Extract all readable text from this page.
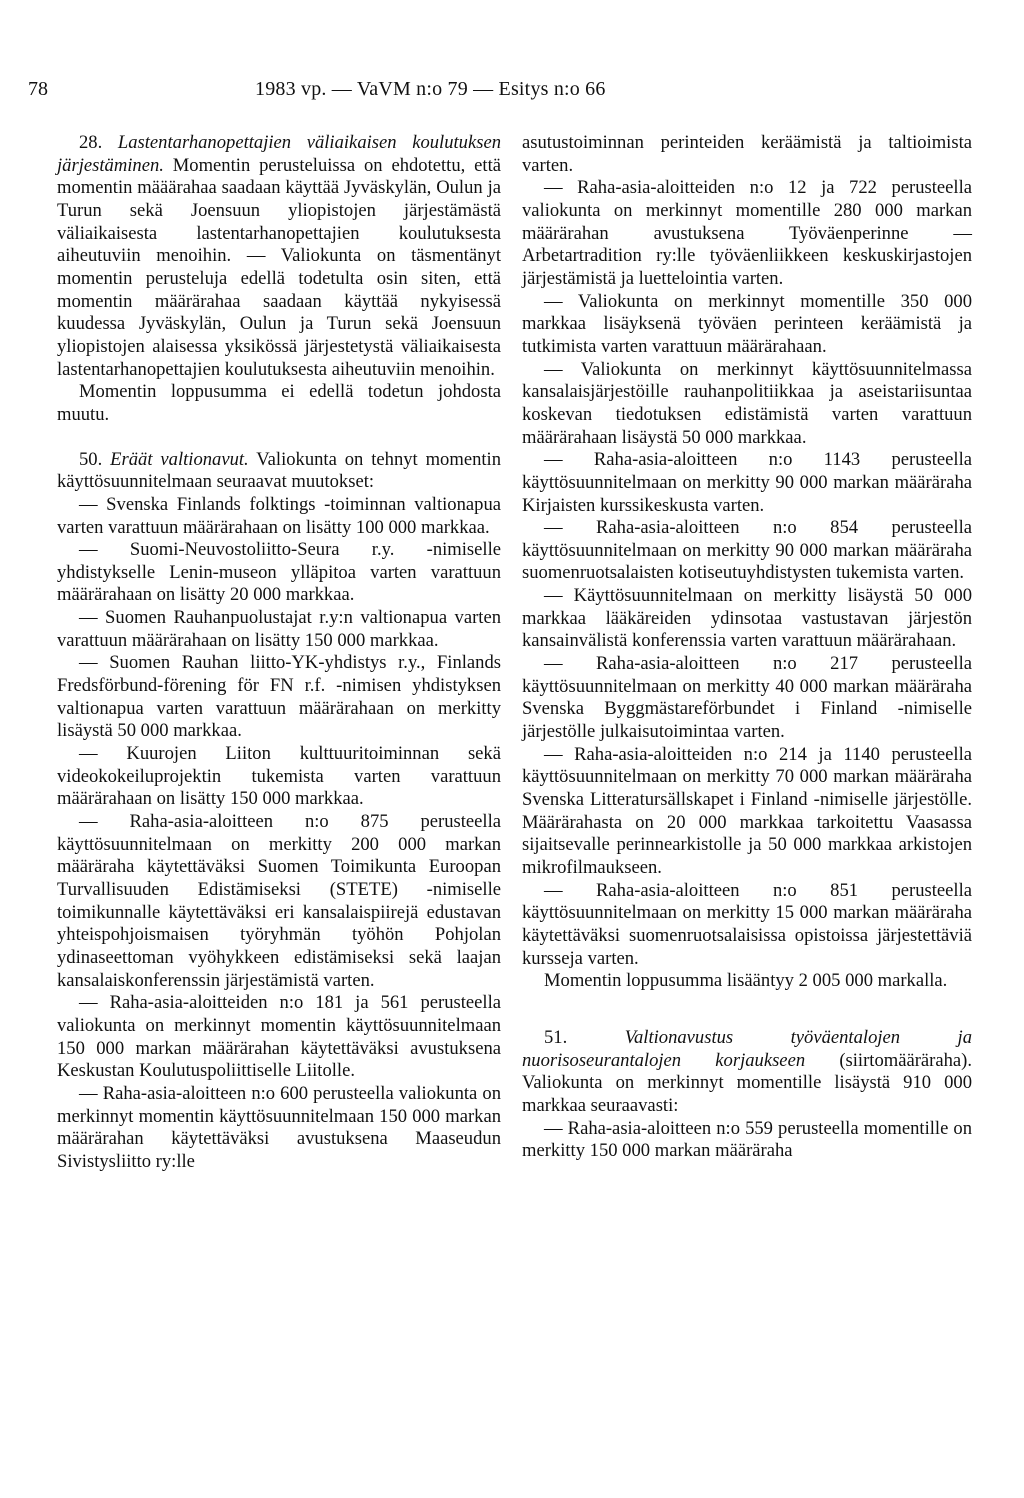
78	1983 vp. — VaVM n:o 79 — Esitys n:o 66

28. Lastentarhanopettajien väliaikaisen koulutuksen järjestäminen. Momentin perusteluissa on ehdotettu, että momentin määärahaa saadaan käyttää Jyväskylän, Oulun ja Turun sekä Joensuun yliopistojen järjestämästä väliaikaisesta lastentarhanopettajien koulutuksesta aiheutuviin menoihin. — Valiokunta on täsmentänyt momentin perusteluja edellä todetulta osin siten, että momentin määrärahaa saadaan käyttää nykyisessä kuudessa Jyväskylän, Oulun ja Turun sekä Joensuun yliopistojen alaisessa yksikössä järjestetystä väliaikaisesta lastentarhanopettajien koulutuksesta aiheutuviin menoihin.

Momentin loppusumma ei edellä todetun johdosta muutu.

50. Eräät valtionavut. Valiokunta on tehnyt momentin käyttösuunnitelmaan seuraavat muutokset:

— Svenska Finlands folktings -toiminnan valtionapua varten varattuun määrärahaan on lisätty 100 000 markkaa.

— Suomi-Neuvostoliitto-Seura r.y. -nimiselle yhdistykselle Lenin-museon ylläpitoa varten varattuun määrärahaan on lisätty 20 000 markkaa.

— Suomen Rauhanpuolustajat r.y:n valtionapua varten varattuun määrärahaan on lisätty 150 000 markkaa.

— Suomen Rauhan liitto-YK-yhdistys r.y., Finlands Fredsförbund-förening för FN r.f. -nimisen yhdistyksen valtionapua varten varattuun määrärahaan on merkitty lisäystä 50 000 markkaa.

— Kuurojen Liiton kulttuuritoiminnan sekä videokokeiluprojektin tukemista varten varattuun määrärahaan on lisätty 150 000 markkaa.

— Raha-asia-aloitteen n:o 875 perusteella käyttösuunnitelmaan on merkitty 200 000 markan määräraha käytettäväksi Suomen Toimikunta Euroopan Turvallisuuden Edistämiseksi (STETE) -nimiselle toimikunnalle käytettäväksi eri kansalaispiirejä edustavan yhteispohjoismaisen työryhmän työhön Pohjolan ydinaseettoman vyöhykkeen edistämiseksi sekä laajan kansalaiskonferenssin järjestämistä varten.

— Raha-asia-aloitteiden n:o 181 ja 561 perusteella valiokunta on merkinnyt momentin käyttösuunnitelmaan 150 000 markan määrärahan käytettäväksi avustuksena Keskustan Koulutuspoliittiselle Liitolle.

— Raha-asia-aloitteen n:o 600 perusteella valiokunta on merkinnyt momentin käyttösuunnitelmaan 150 000 markan määrärahan käytettäväksi avustuksena Maaseudun Sivistysliitto ry:lle

asutustoiminnan perinteiden keräämistä ja taltioimista varten.

— Raha-asia-aloitteiden n:o 12 ja 722 perusteella valiokunta on merkinnyt momentille 280 000 markan määrärahan avustuksena Työväenperinne — Arbetartradition ry:lle työväenliikkeen keskuskirjastojen järjestämistä ja luettelointia varten.

— Valiokunta on merkinnyt momentille 350 000 markkaa lisäyksenä työväen perinteen keräämistä ja tutkimista varten varattuun määrärahaan.

— Valiokunta on merkinnyt käyttösuunnitelmassa kansalaisjärjestöille rauhanpolitiikkaa ja aseistariisuntaa koskevan tiedotuksen edistämistä varten varattuun määrärahaan lisäystä 50 000 markkaa.

— Raha-asia-aloitteen n:o 1143 perusteella käyttösuunnitelmaan on merkitty 90 000 markan määräraha Kirjaisten kurssikeskusta varten.

— Raha-asia-aloitteen n:o 854 perusteella käyttösuunnitelmaan on merkitty 90 000 markan määräraha suomenruotsalaisten kotiseutuyhdistysten tukemista varten.

— Käyttösuunnitelmaan on merkitty lisäystä 50 000 markkaa lääkäreiden ydinsotaa vastustavan järjestön kansainvälistä konferenssia varten varattuun määrärahaan.

— Raha-asia-aloitteen n:o 217 perusteella käyttösuunnitelmaan on merkitty 40 000 markan määräraha Svenska Byggmästareförbundet i Finland -nimiselle järjestölle julkaisutoimintaa varten.

— Raha-asia-aloitteiden n:o 214 ja 1140 perusteella käyttösuunnitelmaan on merkitty 70 000 markan määräraha Svenska Litteratursällskapet i Finland -nimiselle järjestölle. Määrärahasta on 20 000 markkaa tarkoitettu Vaasassa sijaitsevalle perinnearkistolle ja 50 000 markkaa arkistojen mikrofilmaukseen.

— Raha-asia-aloitteen n:o 851 perusteella käyttösuunnitelmaan on merkitty 15 000 markan määräraha käytettäväksi suomenruotsalaisissa opistoissa järjestettäviä kursseja varten.

Momentin loppusumma lisääntyy 2 005 000 markalla.

51.	Valtionavustus työväentalojen ja nuorisoseurantalojen korjaukseen (siirtomääräraha). Valiokunta on merkinnyt momentille lisäystä 910 000 markkaa seuraavasti:

— Raha-asia-aloitteen n:o 559 perusteella momentille on merkitty 150 000 markan määräraha
